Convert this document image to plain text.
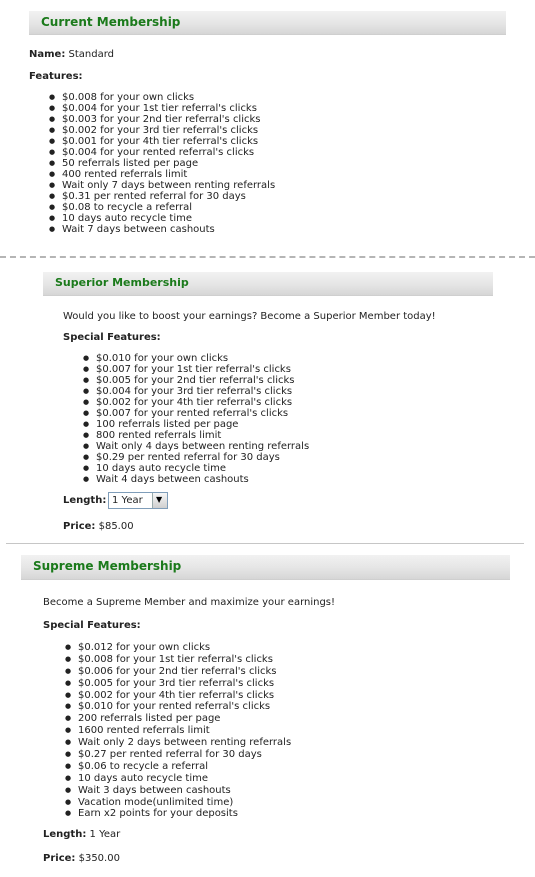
Current Membership
Name: Standard
Features:
● $0.008 for your own clicks
● $0.004 for your 1st tier referral's clicks
● $0.003 for your 2nd tier referral's clicks
● $0.002 for your 3rd tier referral's clicks
● $0.001 for your 4th tier referral's clicks
● $0.004 for your rented referral's clicks
● 50 referrals listed per page
● 400 rented referrals limit
● Wait only 7 days between renting referrals
● $0.31 per rented referral for 30 days
● $0.08 to recycle a referral
● 10 days auto recycle time
● Wait 7 days between cashouts
Superior Membership
Would you like to boost your earnings? Become a Superior Member today!
Special Features:
● $0.010 for your own clicks
● $0.007 for your 1st tier referral's clicks
● $0.005 for your 2nd tier referral's clicks
● $0.004 for your 3rd tier referral's clicks
● $0.002 for your 4th tier referral's clicks
● $0.007 for your rented referral's clicks
● 100 referrals listed per page
● 800 rented referrals limit
● Wait only 4 days between renting referrals
● $0.29 per rented referral for 30 days
● 10 days auto recycle time
● Wait 4 days between cashouts
Length: 1 Year ▼
Price: $85.00
Supreme Membership
Become a Supreme Member and maximize your earnings!
Special Features:
● $0.012 for your own clicks
● $0.008 for your 1st tier referral's clicks
● $0.006 for your 2nd tier referral's clicks
● $0.005 for your 3rd tier referral's clicks
● $0.002 for your 4th tier referral's clicks
● $0.010 for your rented referral's clicks
● 200 referrals listed per page
● 1600 rented referrals limit
● Wait only 2 days between renting referrals
● $0.27 per rented referral for 30 days
● $0.06 to recycle a referral
● 10 days auto recycle time
● Wait 3 days between cashouts
● Vacation mode(unlimited time)
● Earn x2 points for your deposits
Length: 1 Year
Price: $350.00
